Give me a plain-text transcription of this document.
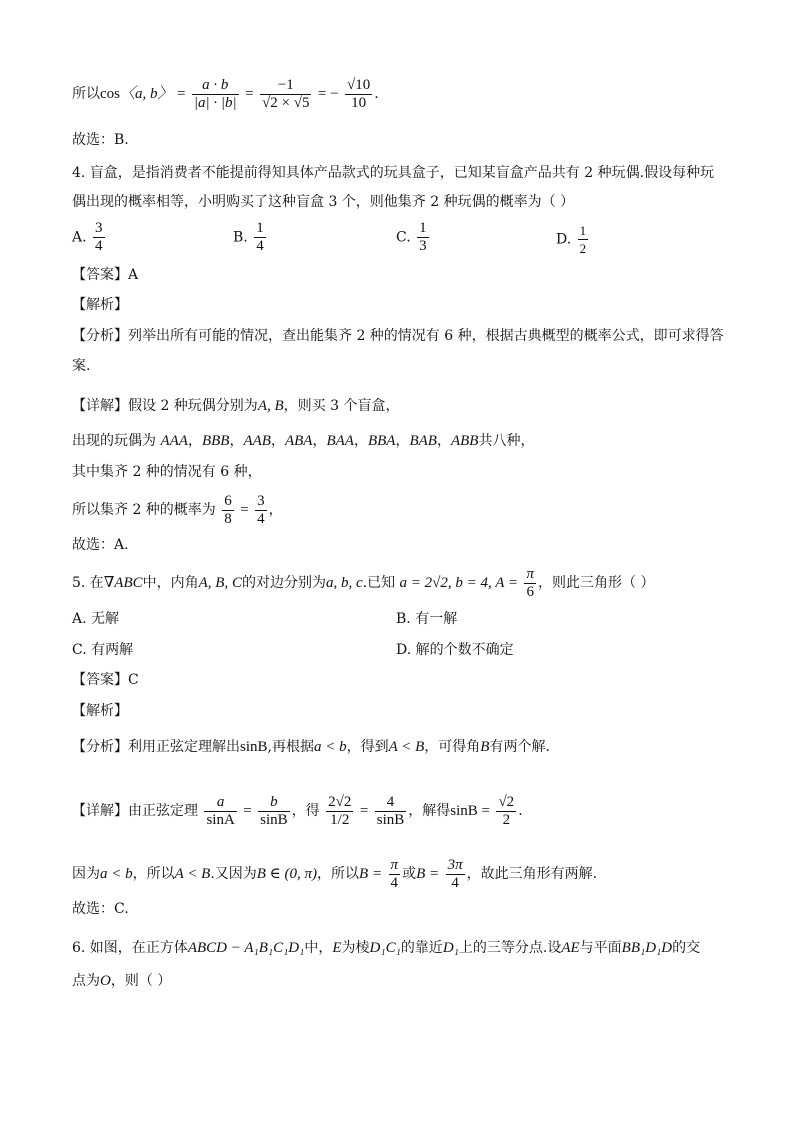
所以cos〈a, b〉 = $\frac{a \cdot b}{|a| \cdot |b|} = \frac{-1}{√2 \times √5}$ = − $\frac{√10}{10}$ .
故选：B.
4. 盲盒，是指消费者不能提前得知具体产品款式的玩具盒子，已知某盲盒产品共有 2 种玩偶.假设每种玩
偶出现的概率相等，小明购买了这种盲盒 3 个，则他集齐 2 种玩偶的概率为（ ）
A. $\frac{3}{4}$	B. $\frac{1}{4}$	C. $\frac{1}{3}$	D. $\frac{1}{2}$
【答案】A
【解析】
【分析】列举出所有可能的情况，查出能集齐 2 种的情况有 6 种，根据古典概型的概率公式，即可求得答
案.
【详解】假设 2 种玩偶分别为A, B，则买 3 个盲盒，
出现的玩偶为 AAA，BBB，AAB，ABA，BAA，BBA，BAB，ABB共八种，
其中集齐 2 种的情况有 6 种，
所以集齐 2 种的概率为 $\frac{6}{8} = \frac{3}{4}$ ，
故选：A.
5. 在∇ABC中，内角A, B, C的对边分别为a, b, c.已知 a = 2√2, b = 4, $A = \frac{\pi}{6}$ ，则此三角形（ ）
A. 无解	B. 有一解
C. 有两解	D. 解的个数不确定
【答案】C
【解析】
【分析】利用正弦定理解出sinB,再根据a < b，得到A < B，可得角B有两个解.
【详解】由正弦定理 $\frac{a}{\sin A} = \frac{b}{\sin B}$ ，得 $\frac{2√2}{1/2} = \frac{4}{\sin B}$ ，解得$\sin B = \frac{√2}{2}$ .
因为a < b，所以A < B.又因为B ∈ (0, π)，所以$B = \frac{\pi}{4}$ 或$B = \frac{3\pi}{4}$ ，故此三角形有两解.
故选：C.
6. 如图，在正方体ABCD − A₁B₁C₁D₁中，E为棱D₁C₁的靠近D₁上的三等分点.设AE与平面BB₁D₁D的交
点为O，则（ ）
